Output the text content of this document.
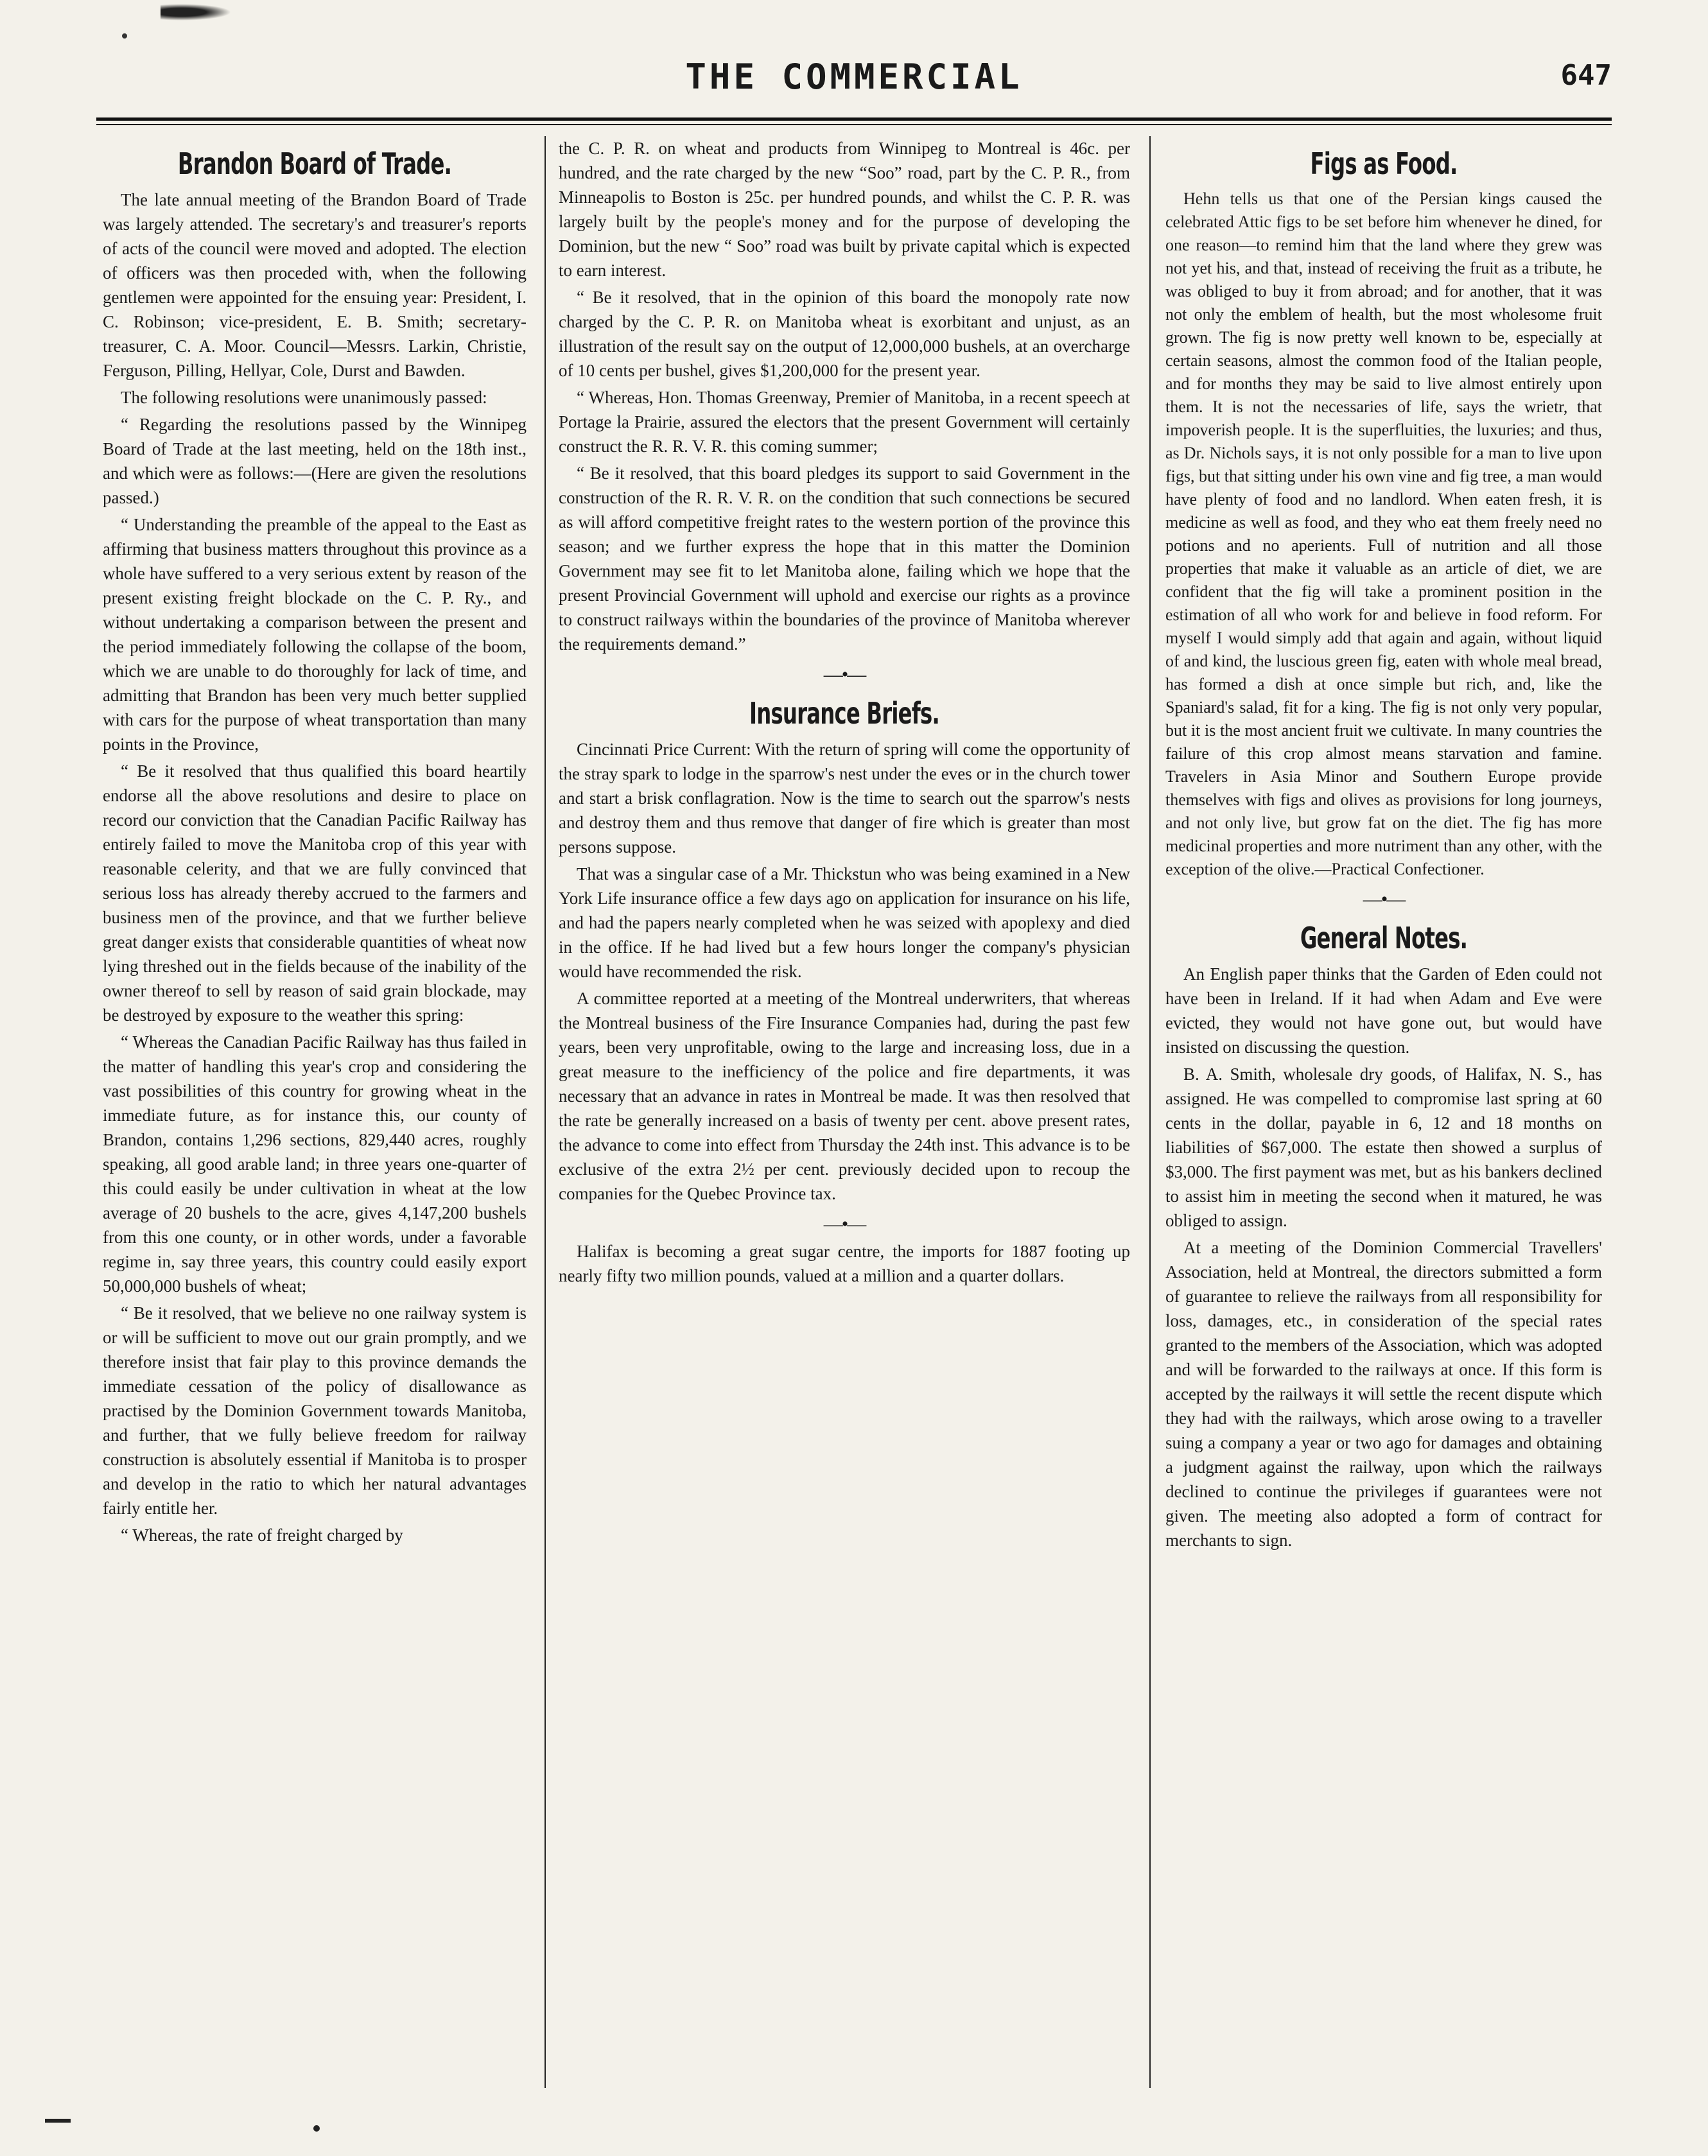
THE COMMERCIAL	647
Brandon Board of Trade.

The late annual meeting of the Brandon Board of Trade was largely attended. The secretary's and treasurer's reports of acts of the council were moved and adopted. The election of officers was then proceded with, when the following gentlemen were appointed for the ensuing year: President, I. C. Robinson; vice-president, E. B. Smith; secretary-treasurer, C. A. Moor. Council—Messrs. Larkin, Christie, Ferguson, Pilling, Hellyar, Cole, Durst and Bawden.

The following resolutions were unanimously passed:

“ Regarding the resolutions passed by the Winnipeg Board of Trade at the last meeting, held on the 18th inst., and which were as follows:—(Here are given the resolutions passed.)

“ Understanding the preamble of the appeal to the East as affirming that business matters throughout this province as a whole have suffered to a very serious extent by reason of the present existing freight blockade on the C. P. Ry., and without undertaking a comparison between the present and the period immediately following the collapse of the boom, which we are unable to do thoroughly for lack of time, and admitting that Brandon has been very much better supplied with cars for the purpose of wheat transportation than many points in the Province,

“ Be it resolved that thus qualified this board heartily endorse all the above resolutions and desire to place on record our conviction that the Canadian Pacific Railway has entirely failed to move the Manitoba crop of this year with reasonable celerity, and that we are fully convinced that serious loss has already thereby accrued to the farmers and business men of the province, and that we further believe great danger exists that considerable quantities of wheat now lying threshed out in the fields because of the inability of the owner thereof to sell by reason of said grain blockade, may be destroyed by exposure to the weather this spring:

“ Whereas the Canadian Pacific Railway has thus failed in the matter of handling this year's crop and considering the vast possibilities of this country for growing wheat in the immediate future, as for instance this, our county of Brandon, contains 1,296 sections, 829,440 acres, roughly speaking, all good arable land; in three years one-quarter of this could easily be under cultivation in wheat at the low average of 20 bushels to the acre, gives 4,147,200 bushels from this one county, or in other words, under a favorable regime in, say three years, this country could easily export 50,000,000 bushels of wheat;

“ Be it resolved, that we believe no one railway system is or will be sufficient to move out our grain promptly, and we therefore insist that fair play to this province demands the immediate cessation of the policy of disallowance as practised by the Dominion Government towards Manitoba, and further, that we fully believe freedom for railway construction is absolutely essential if Manitoba is to prosper and develop in the ratio to which her natural advantages fairly entitle her.

“ Whereas, the rate of freight charged by

the C. P. R. on wheat and products from Winnipeg to Montreal is 46c. per hundred, and the rate charged by the new “Soo” road, part by the C. P. R., from Minneapolis to Boston is 25c. per hundred pounds, and whilst the C. P. R. was largely built by the people's money and for the purpose of developing the Dominion, but the new “ Soo” road was built by private capital which is expected to earn interest.

“ Be it resolved, that in the opinion of this board the monopoly rate now charged by the C. P. R. on Manitoba wheat is exorbitant and unjust, as an illustration of the result say on the output of 12,000,000 bushels, at an overcharge of 10 cents per bushel, gives $1,200,000 for the present year.

“ Whereas, Hon. Thomas Greenway, Premier of Manitoba, in a recent speech at Portage la Prairie, assured the electors that the present Government will certainly construct the R. R. V. R. this coming summer;

“ Be it resolved, that this board pledges its support to said Government in the construction of the R. R. V. R. on the condition that such connections be secured as will afford competitive freight rates to the western portion of the province this season; and we further express the hope that in this matter the Dominion Government may see fit to let Manitoba alone, failing which we hope that the present Provincial Government will uphold and exercise our rights as a province to construct railways within the boundaries of the province of Manitoba wherever the requirements demand.”

—•—
Insurance Briefs.

Cincinnati Price Current: With the return of spring will come the opportunity of the stray spark to lodge in the sparrow's nest under the eves or in the church tower and start a brisk conflagration. Now is the time to search out the sparrow's nests and destroy them and thus remove that danger of fire which is greater than most persons suppose.

That was a singular case of a Mr. Thickstun who was being examined in a New York Life insurance office a few days ago on application for insurance on his life, and had the papers nearly completed when he was seized with apoplexy and died in the office. If he had lived but a few hours longer the company's physician would have recommended the risk.

A committee reported at a meeting of the Montreal underwriters, that whereas the Montreal business of the Fire Insurance Companies had, during the past few years, been very unprofitable, owing to the large and increasing loss, due in a great measure to the inefficiency of the police and fire departments, it was necessary that an advance in rates in Montreal be made. It was then resolved that the rate be generally increased on a basis of twenty per cent. above present rates, the advance to come into effect from Thursday the 24th inst. This advance is to be exclusive of the extra 2½ per cent. previously decided upon to recoup the companies for the Quebec Province tax.

—•—

Halifax is becoming a great sugar centre, the imports for 1887 footing up nearly fifty two million pounds, valued at a million and a quarter dollars.

Figs as Food.

Hehn tells us that one of the Persian kings caused the celebrated Attic figs to be set before him whenever he dined, for one reason—to remind him that the land where they grew was not yet his, and that, instead of receiving the fruit as a tribute, he was obliged to buy it from abroad; and for another, that it was not only the emblem of health, but the most wholesome fruit grown. The fig is now pretty well known to be, especially at certain seasons, almost the common food of the Italian people, and for months they may be said to live almost entirely upon them. It is not the necessaries of life, says the wrietr, that impoverish people. It is the superfluities, the luxuries; and thus, as Dr. Nichols says, it is not only possible for a man to live upon figs, but that sitting under his own vine and fig tree, a man would have plenty of food and no landlord. When eaten fresh, it is medicine as well as food, and they who eat them freely need no potions and no aperients. Full of nutrition and all those properties that make it valuable as an article of diet, we are confident that the fig will take a prominent position in the estimation of all who work for and believe in food reform. For myself I would simply add that again and again, without liquid of and kind, the luscious green fig, eaten with whole meal bread, has formed a dish at once simple but rich, and, like the Spaniard's salad, fit for a king. The fig is not only very popular, but it is the most ancient fruit we cultivate. In many countries the failure of this crop almost means starvation and famine. Travelers in Asia Minor and Southern Europe provide themselves with figs and olives as provisions for long journeys, and not only live, but grow fat on the diet. The fig has more medicinal properties and more nutriment than any other, with the exception of the olive.—Practical Confectioner.

—•—
General Notes.

An English paper thinks that the Garden of Eden could not have been in Ireland. If it had when Adam and Eve were evicted, they would not have gone out, but would have insisted on discussing the question.

B. A. Smith, wholesale dry goods, of Halifax, N. S., has assigned. He was compelled to compromise last spring at 60 cents in the dollar, payable in 6, 12 and 18 months on liabilities of $67,000. The estate then showed a surplus of $3,000. The first payment was met, but as his bankers declined to assist him in meeting the second when it matured, he was obliged to assign.

At a meeting of the Dominion Commercial Travellers' Association, held at Montreal, the directors submitted a form of guarantee to relieve the railways from all responsibility for loss, damages, etc., in consideration of the special rates granted to the members of the Association, which was adopted and will be forwarded to the railways at once. If this form is accepted by the railways it will settle the recent dispute which they had with the railways, which arose owing to a traveller suing a company a year or two ago for damages and obtaining a judgment against the railway, upon which the railways declined to continue the privileges if guarantees were not given. The meeting also adopted a form of contract for merchants to sign.
